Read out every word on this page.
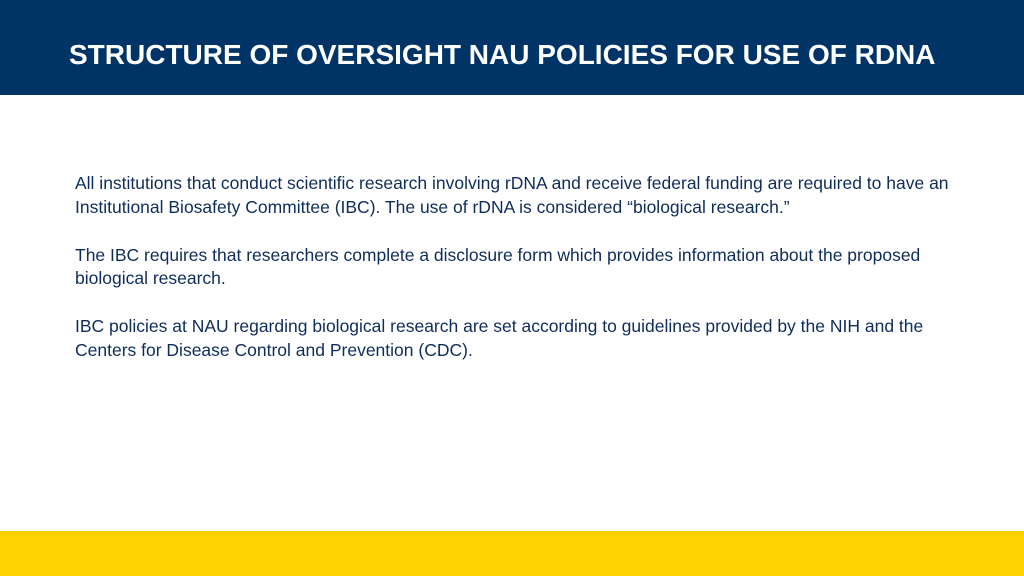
STRUCTURE OF OVERSIGHT NAU POLICIES FOR USE OF RDNA

All institutions that conduct scientific research involving rDNA and receive federal funding are required to have an Institutional Biosafety Committee (IBC). The use of rDNA is considered “biological research.”

The IBC requires that researchers complete a disclosure form which provides information about the proposed biological research.

IBC policies at NAU regarding biological research are set according to guidelines provided by the NIH and the Centers for Disease Control and Prevention (CDC).
